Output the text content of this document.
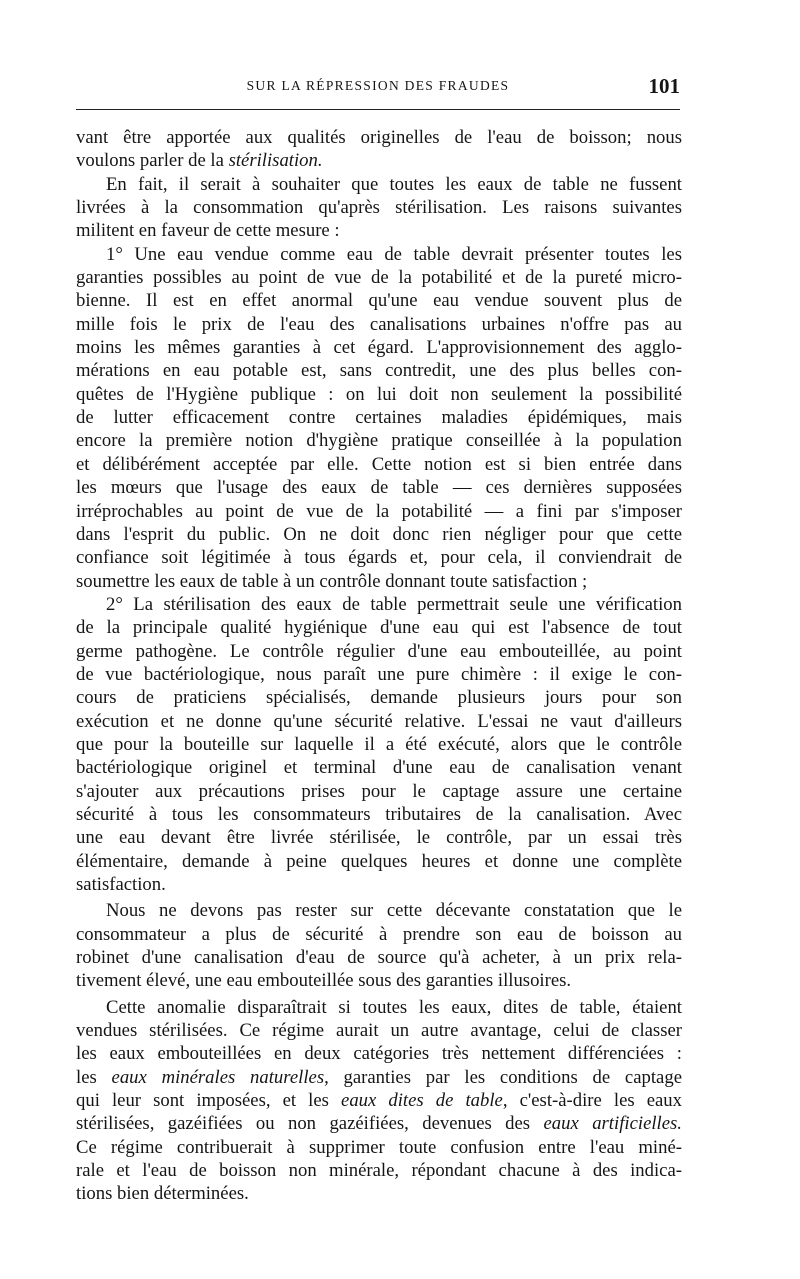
SUR LA RÉPRESSION DES FRAUDES	101

vant être apportée aux qualités originelles de l'eau de boisson; nous
voulons parler de la stérilisation.

En fait, il serait à souhaiter que toutes les eaux de table ne fussent
livrées à la consommation qu'après stérilisation. Les raisons suivantes
militent en faveur de cette mesure :

1° Une eau vendue comme eau de table devrait présenter toutes les
garanties possibles au point de vue de la potabilité et de la pureté micro-
bienne. Il est en effet anormal qu'une eau vendue souvent plus de
mille fois le prix de l'eau des canalisations urbaines n'offre pas au
moins les mêmes garanties à cet égard. L'approvisionnement des agglo-
mérations en eau potable est, sans contredit, une des plus belles con-
quêtes de l'Hygiène publique : on lui doit non seulement la possibilité
de lutter efficacement contre certaines maladies épidémiques, mais
encore la première notion d'hygiène pratique conseillée à la population
et délibérément acceptée par elle. Cette notion est si bien entrée dans
les mœurs que l'usage des eaux de table — ces dernières supposées
irréprochables au point de vue de la potabilité — a fini par s'imposer
dans l'esprit du public. On ne doit donc rien négliger pour que cette
confiance soit légitimée à tous égards et, pour cela, il conviendrait de
soumettre les eaux de table à un contrôle donnant toute satisfaction ;

2° La stérilisation des eaux de table permettrait seule une vérification
de la principale qualité hygiénique d'une eau qui est l'absence de tout
germe pathogène. Le contrôle régulier d'une eau embouteillée, au point
de vue bactériologique, nous paraît une pure chimère : il exige le con-
cours de praticiens spécialisés, demande plusieurs jours pour son
exécution et ne donne qu'une sécurité relative. L'essai ne vaut d'ailleurs
que pour la bouteille sur laquelle il a été exécuté, alors que le contrôle
bactériologique originel et terminal d'une eau de canalisation venant
s'ajouter aux précautions prises pour le captage assure une certaine
sécurité à tous les consommateurs tributaires de la canalisation. Avec
une eau devant être livrée stérilisée, le contrôle, par un essai très
élémentaire, demande à peine quelques heures et donne une complète
satisfaction.

Nous ne devons pas rester sur cette décevante constatation que le
consommateur a plus de sécurité à prendre son eau de boisson au
robinet d'une canalisation d'eau de source qu'à acheter, à un prix rela-
tivement élevé, une eau embouteillée sous des garanties illusoires.

Cette anomalie disparaîtrait si toutes les eaux, dites de table, étaient
vendues stérilisées. Ce régime aurait un autre avantage, celui de classer
les eaux embouteillées en deux catégories très nettement différenciées :
les eaux minérales naturelles, garanties par les conditions de captage
qui leur sont imposées, et les eaux dites de table, c'est-à-dire les eaux
stérilisées, gazéifiées ou non gazéifiées, devenues des eaux artificielles.
Ce régime contribuerait à supprimer toute confusion entre l'eau miné-
rale et l'eau de boisson non minérale, répondant chacune à des indica-
tions bien déterminées.
